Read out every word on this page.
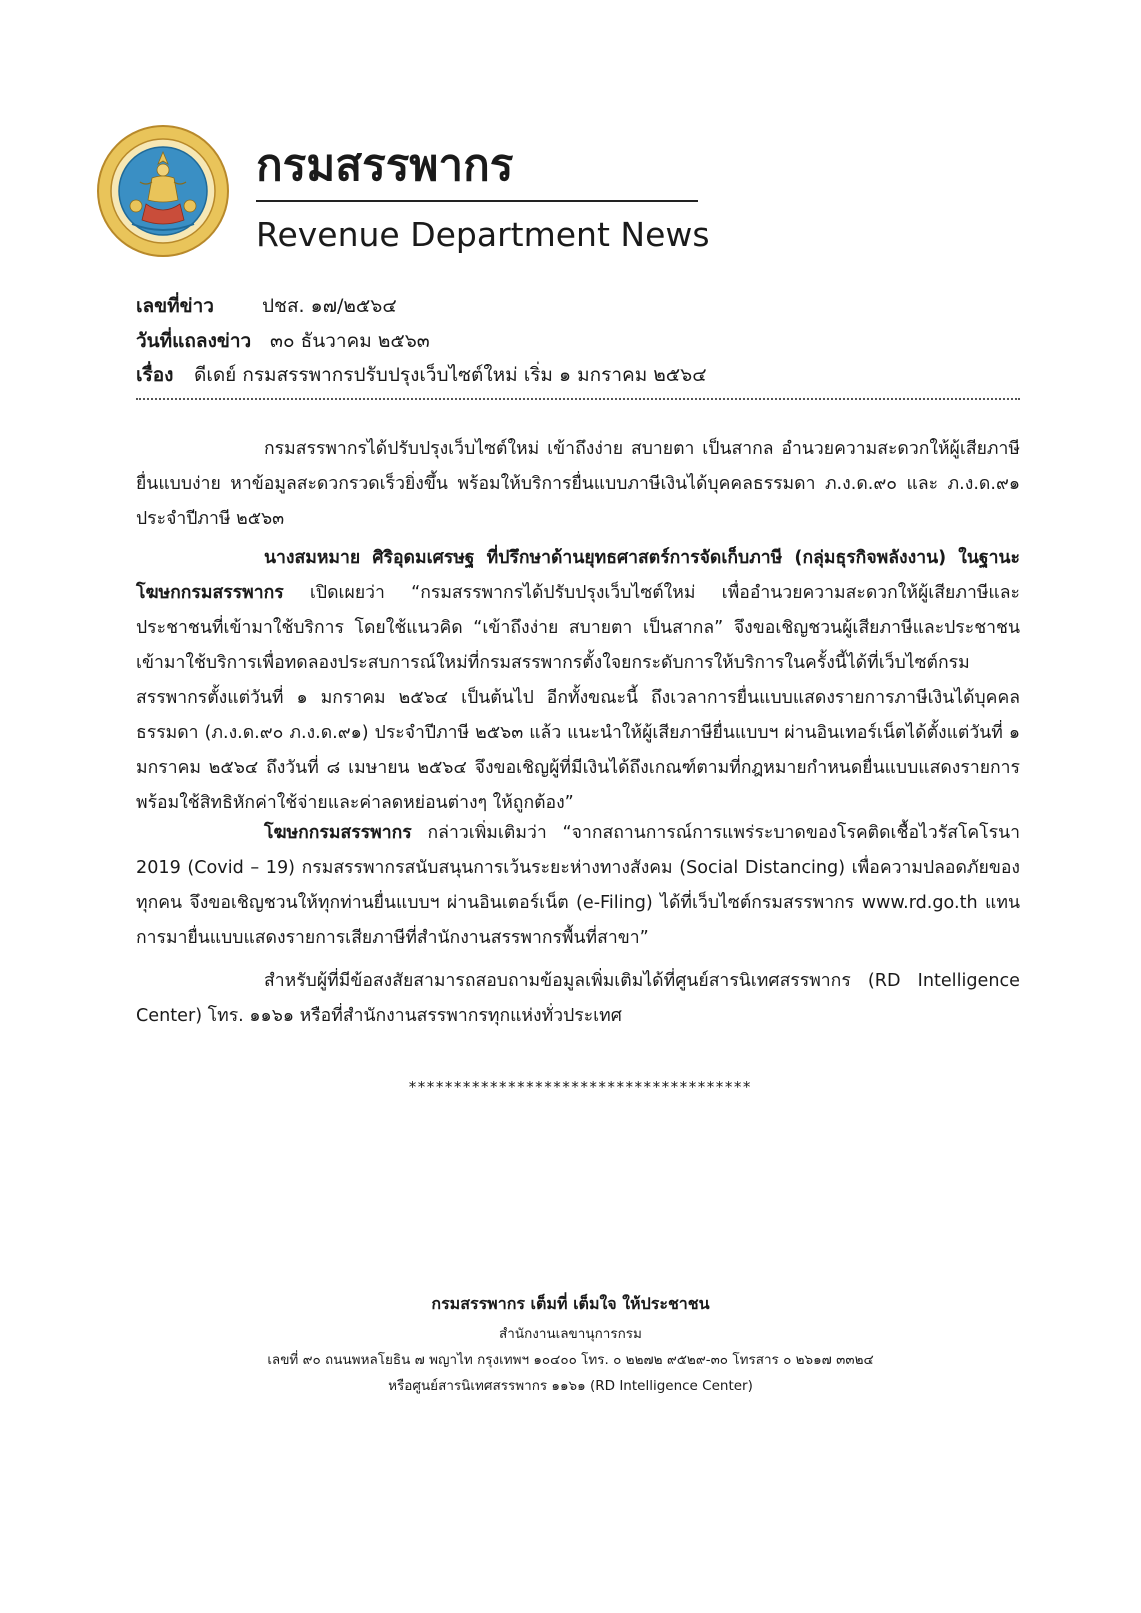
กรมสรรพากร
Revenue Department News
เลขที่ข่าว	ปชส. ๑๗/๒๕๖๔
วันที่แถลงข่าว ๓๐ ธันวาคม ๒๕๖๓
เรื่อง ดีเดย์ กรมสรรพากรปรับปรุงเว็บไซต์ใหม่ เริ่ม ๑ มกราคม ๒๕๖๔

กรมสรรพากรได้ปรับปรุงเว็บไซต์ใหม่ เข้าถึงง่าย สบายตา เป็นสากล อำนวยความสะดวกให้ผู้เสียภาษียื่นแบบง่าย หาข้อมูลสะดวกรวดเร็วยิ่งขึ้น พร้อมให้บริการยื่นแบบภาษีเงินได้บุคคลธรรมดา ภ.ง.ด.๙๐ และ ภ.ง.ด.๙๑ ประจำปีภาษี ๒๕๖๓

นางสมหมาย ศิริอุดมเศรษฐ ที่ปรึกษาด้านยุทธศาสตร์การจัดเก็บภาษี (กลุ่มธุรกิจพลังงาน) ในฐานะโฆษกกรมสรรพากร เปิดเผยว่า “กรมสรรพากรได้ปรับปรุงเว็บไซต์ใหม่ เพื่ออำนวยความสะดวกให้ผู้เสียภาษีและประชาชนที่เข้ามาใช้บริการ โดยใช้แนวคิด “เข้าถึงง่าย สบายตา เป็นสากล” จึงขอเชิญชวนผู้เสียภาษีและประชาชนเข้ามาใช้บริการเพื่อทดลองประสบการณ์ใหม่ที่กรมสรรพากรตั้งใจยกระดับการให้บริการในครั้งนี้ได้ที่เว็บไซต์กรมสรรพากรตั้งแต่วันที่ ๑ มกราคม ๒๕๖๔ เป็นต้นไป อีกทั้งขณะนี้ ถึงเวลาการยื่นแบบแสดงรายการภาษีเงินได้บุคคลธรรมดา (ภ.ง.ด.๙๐ ภ.ง.ด.๙๑) ประจำปีภาษี ๒๕๖๓ แล้ว แนะนำให้ผู้เสียภาษียื่นแบบฯ ผ่านอินเทอร์เน็ตได้ตั้งแต่วันที่ ๑ มกราคม ๒๕๖๔ ถึงวันที่ ๘ เมษายน ๒๕๖๔ จึงขอเชิญผู้ที่มีเงินได้ถึงเกณฑ์ตามที่กฎหมายกำหนดยื่นแบบแสดงรายการ พร้อมใช้สิทธิหักค่าใช้จ่ายและค่าลดหย่อนต่างๆ ให้ถูกต้อง”

โฆษกกรมสรรพากร กล่าวเพิ่มเติมว่า “จากสถานการณ์การแพร่ระบาดของโรคติดเชื้อไวรัสโคโรนา 2019 (Covid – 19) กรมสรรพากรสนับสนุนการเว้นระยะห่างทางสังคม (Social Distancing) เพื่อความปลอดภัยของทุกคน จึงขอเชิญชวนให้ทุกท่านยื่นแบบฯ ผ่านอินเตอร์เน็ต (e-Filing) ได้ที่เว็บไซต์กรมสรรพากร www.rd.go.th แทนการมายื่นแบบแสดงรายการเสียภาษีที่สำนักงานสรรพากรพื้นที่สาขา”

สำหรับผู้ที่มีข้อสงสัยสามารถสอบถามข้อมูลเพิ่มเติมได้ที่ศูนย์สารนิเทศสรรพากร (RD Intelligence Center) โทร. ๑๑๖๑ หรือที่สำนักงานสรรพากรทุกแห่งทั่วประเทศ

**************************************
กรมสรรพากร เต็มที่ เต็มใจ ให้ประชาชน
สำนักงานเลขานุการกรม
เลขที่ ๙๐ ถนนพหลโยธิน ๗ พญาไท กรุงเทพฯ ๑๐๔๐๐ โทร. ๐ ๒๒๗๒ ๙๕๒๙-๓๐ โทรสาร ๐ ๒๖๑๗ ๓๓๒๔
หรือศูนย์สารนิเทศสรรพากร ๑๑๖๑ (RD Intelligence Center)
